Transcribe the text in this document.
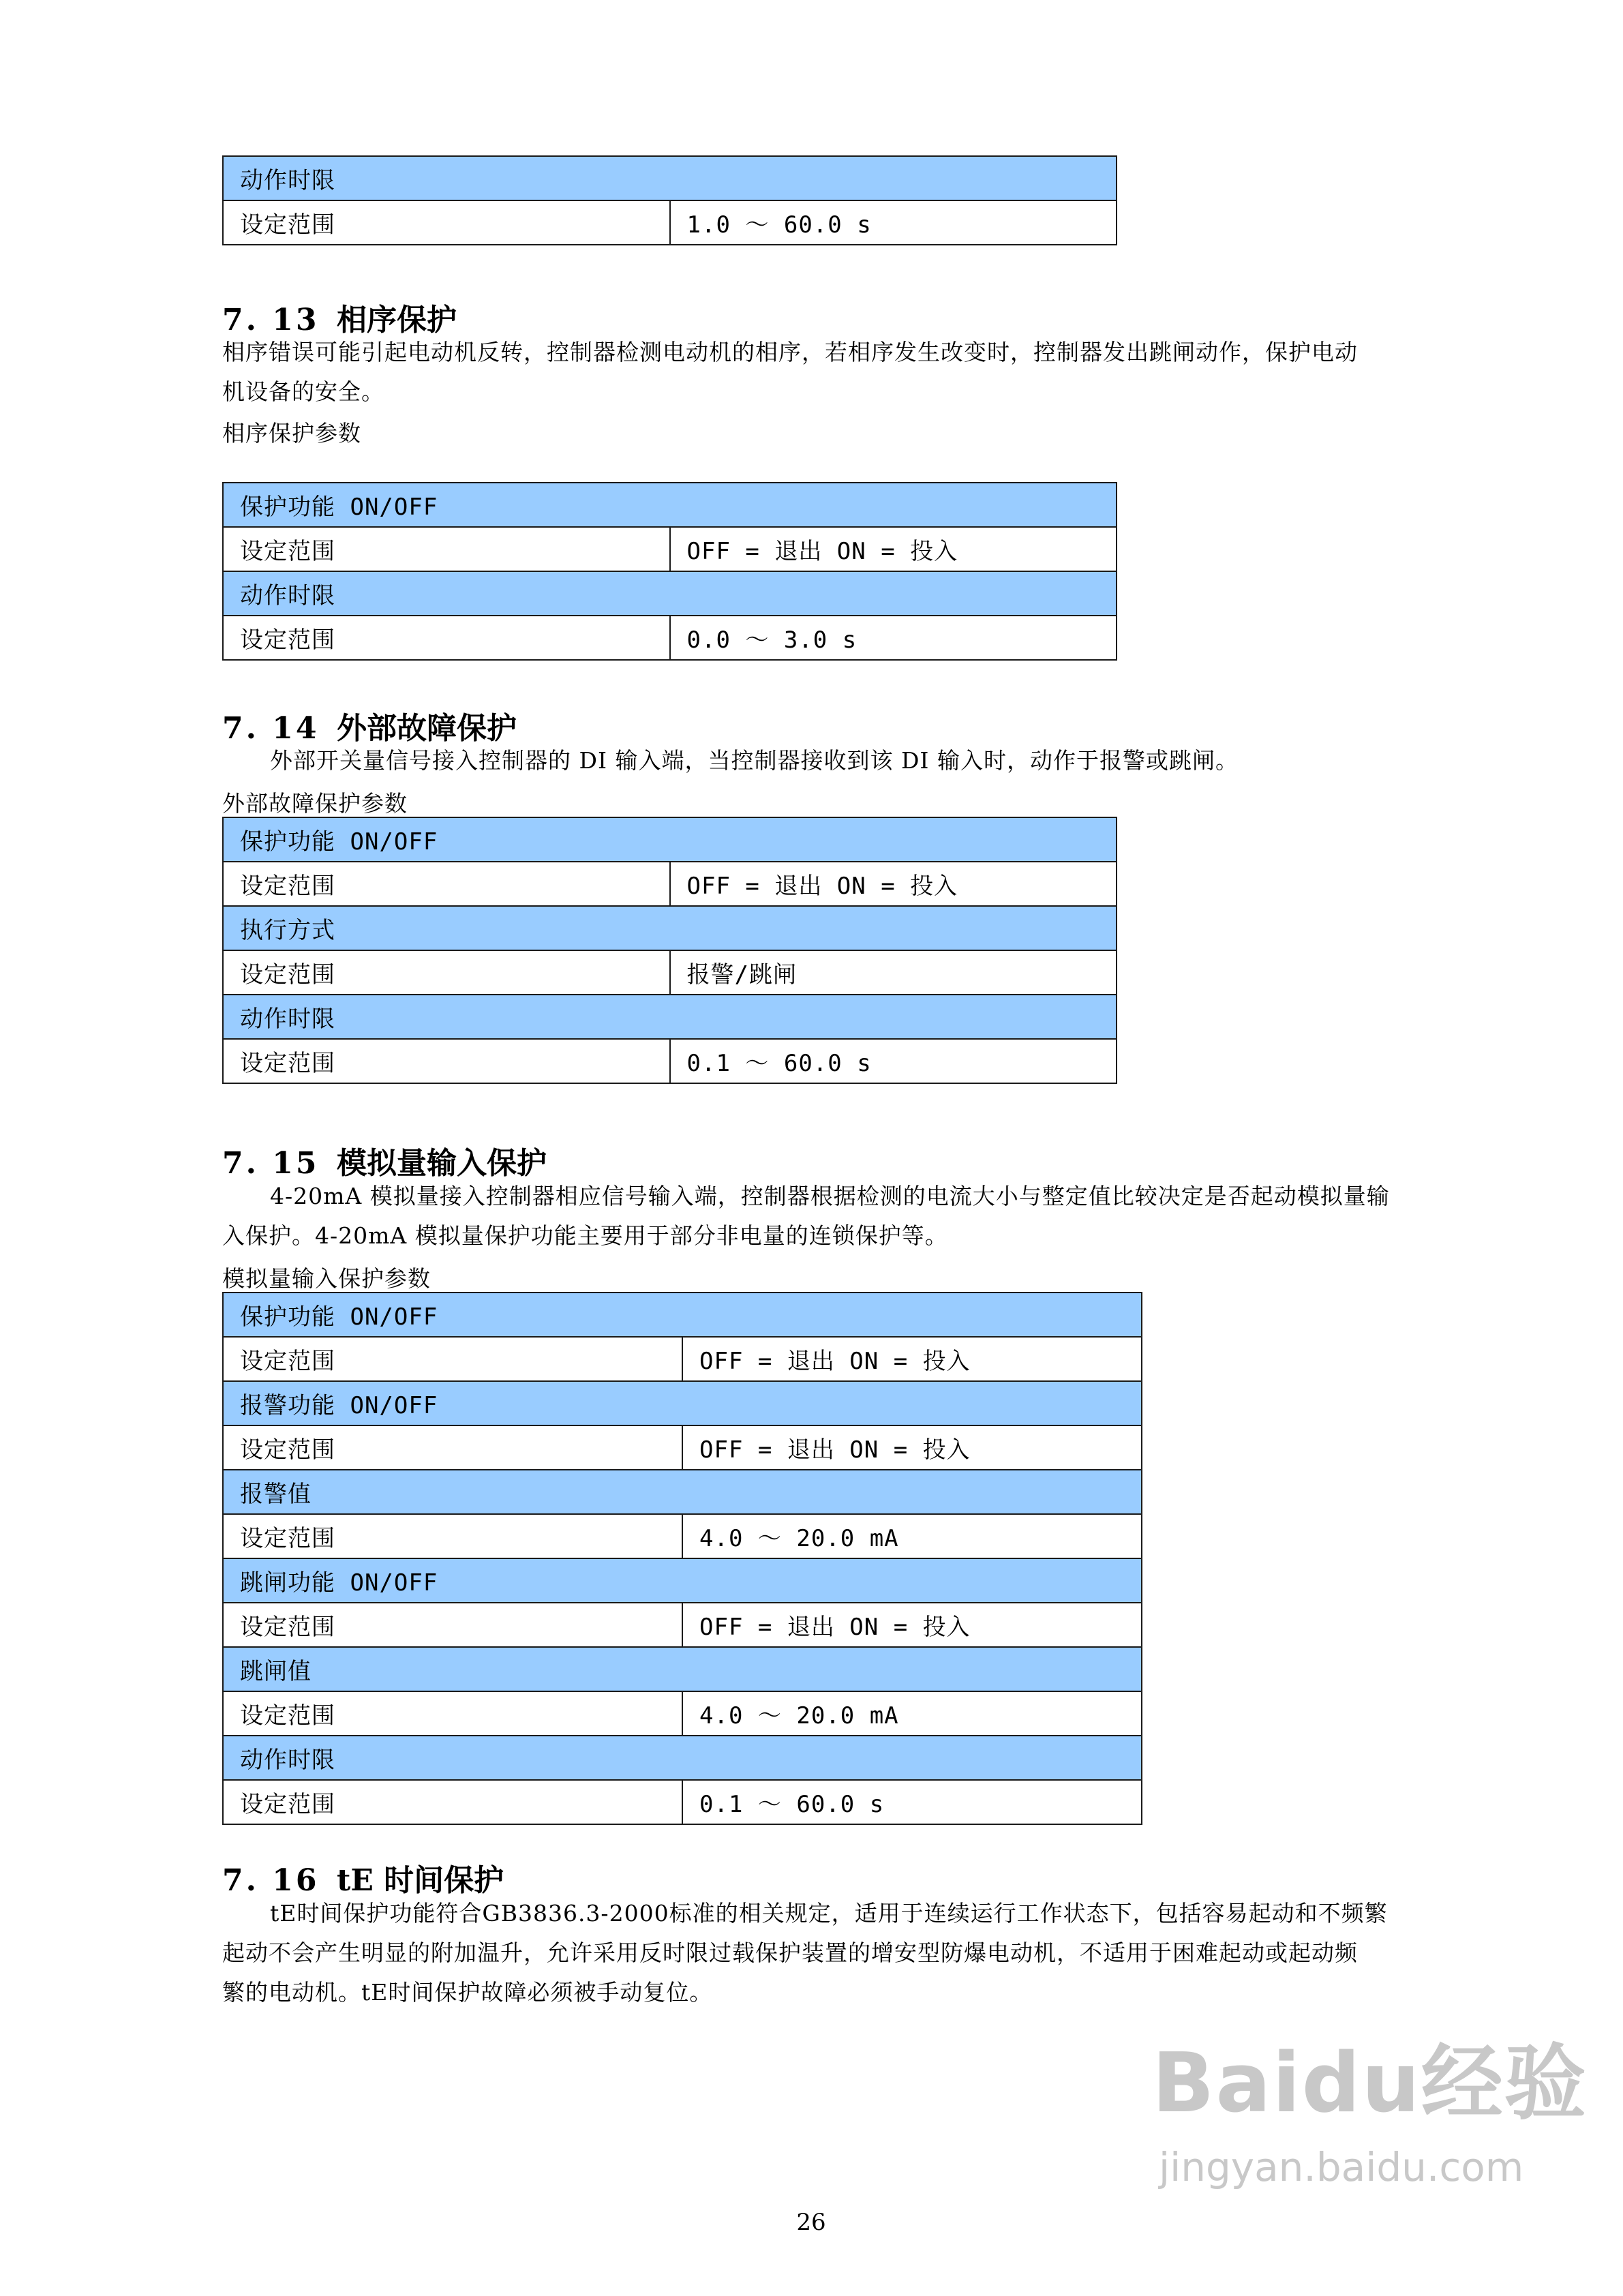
动作时限
设定范围	1.0 ～ 60.0 s
7. 13 相序保护
相序错误可能引起电动机反转，控制器检测电动机的相序，若相序发生改变时，控制器发出跳闸动作，保护电动
机设备的安全。
相序保护参数
保护功能 ON/OFF	
设定范围	OFF = 退出 ON = 投入
动作时限	
设定范围	0.0 ～ 3.0 s
7. 14 外部故障保护
外部开关量信号接入控制器的 DI 输入端，当控制器接收到该 DI 输入时，动作于报警或跳闸。
外部故障保护参数
保护功能 ON/OFF	
设定范围	OFF = 退出 ON = 投入
执行方式	
设定范围	报警/跳闸
动作时限	
设定范围	0.1 ～ 60.0 s
7. 15 模拟量输入保护
4-20mA 模拟量接入控制器相应信号输入端，控制器根据检测的电流大小与整定值比较决定是否起动模拟量输
入保护。4-20mA 模拟量保护功能主要用于部分非电量的连锁保护等。
模拟量输入保护参数
保护功能 ON/OFF	
设定范围	OFF = 退出 ON = 投入
报警功能 ON/OFF	
设定范围	OFF = 退出 ON = 投入
报警值	
设定范围	4.0 ～ 20.0 mA
跳闸功能 ON/OFF	
设定范围	OFF = 退出 ON = 投入
跳闸值	
设定范围	4.0 ～ 20.0 mA
动作时限	
设定范围	0.1 ～ 60.0 s
7. 16 tE 时间保护
tE时间保护功能符合GB3836.3-2000标准的相关规定，适用于连续运行工作状态下，包括容易起动和不频繁
起动不会产生明显的附加温升，允许采用反时限过载保护装置的增安型防爆电动机，不适用于困难起动或起动频
繁的电动机。tE时间保护故障必须被手动复位。
26
Baidu经验
jingyan.baidu.com
